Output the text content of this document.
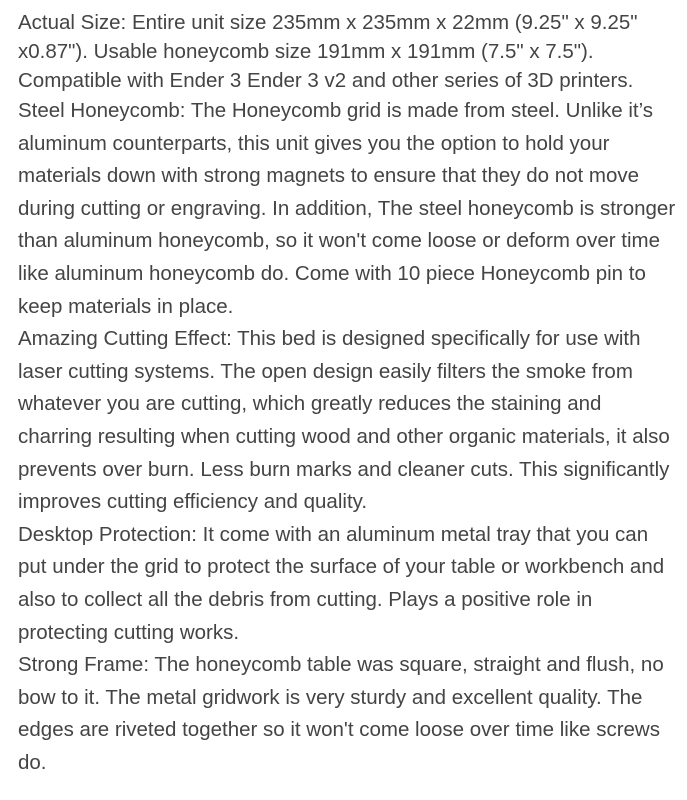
Actual Size: Entire unit size 235mm x 235mm x 22mm (9.25" x 9.25" x0.87"). Usable honeycomb size 191mm x 191mm (7.5" x 7.5").

Compatible with Ender 3 Ender 3 v2 and other series of 3D printers.

Steel Honeycomb: The Honeycomb grid is made from steel. Unlike it’s aluminum counterparts, this unit gives you the option to hold your materials down with strong magnets to ensure that they do not move during cutting or engraving. In addition, The steel honeycomb is stronger than aluminum honeycomb, so it won't come loose or deform over time like aluminum honeycomb do. Come with 10 piece Honeycomb pin to keep materials in place.

Amazing Cutting Effect: This bed is designed specifically for use with laser cutting systems. The open design easily filters the smoke from whatever you are cutting, which greatly reduces the staining and charring resulting when cutting wood and other organic materials, it also prevents over burn. Less burn marks and cleaner cuts. This significantly improves cutting efficiency and quality.

Desktop Protection: It come with an aluminum metal tray that you can put under the grid to protect the surface of your table or workbench and also to collect all the debris from cutting. Plays a positive role in protecting cutting works.

Strong Frame: The honeycomb table was square, straight and flush, no bow to it. The metal gridwork is very sturdy and excellent quality. The edges are riveted together so it won't come loose over time like screws do.
